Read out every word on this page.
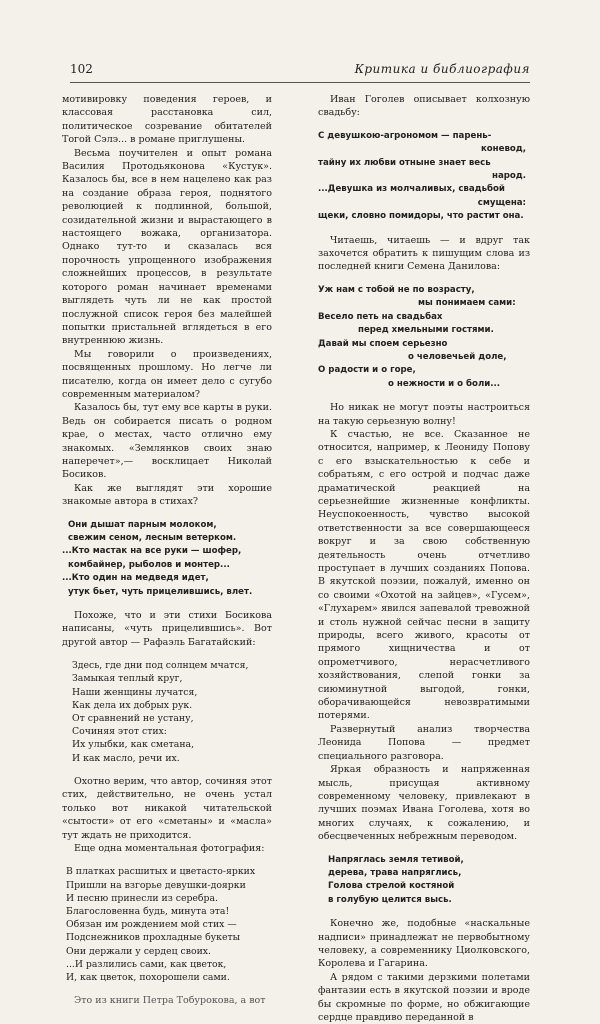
102	Критика и библиография

мотивировку поведения героев, и классовая расстановка сил, политическое созревание обитателей Тогой Сэлэ... в романе приглушены.

Весьма поучителен и опыт романа Василия Протодьяконова «Кустук». Казалось бы, все в нем нацелено как раз на создание образа героя, поднятого революцией к подлинной, большой, созидательной жизни и вырастающего в настоящего вожака, организатора. Однако тут-то и сказалась вся порочность упрощенного изображения сложнейших процессов, в результате которого роман начинает временами выглядеть чуть ли не как простой послужной список героя без малейшей попытки пристальней вглядеться в его внутреннюю жизнь.

Мы говорили о произведениях, посвященных прошлому. Но легче ли писателю, когда он имеет дело с сугубо современным материалом?

Казалось бы, тут ему все карты в руки. Ведь он собирается писать о родном крае, о местах, часто отлично ему знакомых. «Землянков своих знаю наперечет»,— восклицает Николай Босиков.

Как же выглядят эти хорошие знакомые автора в стихах?

Они дышат парным молоком,
свежим сеном, лесным ветерком.
...Кто мастак на все руки — шофер,
комбайнер, рыболов и монтер...
...Кто один на медведя идет,
утук бьет, чуть прицелившись, влет.

Похоже, что и эти стихи Босикова написаны, «чуть прицелившись». Вот другой автор — Рафаэль Багатайский:

Здесь, где дни под солнцем мчатся,
Замыкая теплый круг,
Наши женщины лучатся,
Как дела их добрых рук.
От сравнений не устану,
Сочиняя этот стих:
Их улыбки, как сметана,
И как масло, речи их.

Охотно верим, что автор, сочиняя этот стих, действительно, не очень устал только вот никакой читательской «сытости» от его «сметаны» и «масла» тут ждать не приходится.

Еще одна моментальная фотография:

В платках расшитых и цветасто-ярких
Пришли на взгорье девушки-доярки
И песню принесли из серебра.
Благословенна будь, минута эта!
Обязан им рождением мой стих —
Подснежников прохладные букеты
Они держали у сердец своих.
...И разлились сами, как цветок,
И, как цветок, похорошели сами.

Это из книги Петра Тобурокова, а вот

Иван Гоголев описывает колхозную свадьбу:

С девушкою-агрономом — парень-
коневод,
тайну их любви отныне знает весь
народ.
...Девушка из молчаливых, свадьбой
смущена:
щеки, словно помидоры, что растит она.

Читаешь, читаешь — и вдруг так захочется обратить к пишущим слова из последней книги Семена Данилова:

Уж нам с тобой не по возрасту,
мы понимаем сами:
Весело петь на свадьбах
перед хмельными гостями.
Давай мы споем серьезно
о человечьей доле,
О радости и о горе,
о нежности и о боли...

Но никак не могут поэты настроиться на такую серьезную волну!

К счастью, не все. Сказанное не относится, например, к Леониду Попову с его взыскательностью к себе и собратьям, с его острой и подчас даже драматической реакцией на серьезнейшие жизненные конфликты. Неуспокоенность, чувство высокой ответственности за все совершающееся вокруг и за свою собственную деятельность очень отчетливо проступает в лучших созданиях Попова. В якутской поэзии, пожалуй, именно он со своими «Охотой на зайцев», «Гусем», «Глухарем» явился запевалой тревожной и столь нужной сейчас песни в защиту природы, всего живого, красоты от прямого хищничества и от опрометчивого, нерасчетливого хозяйствования, слепой гонки за сиюминутной выгодой, гонки, оборачивающейся невозвратимыми потерями.

Развернутый анализ творчества Леонида Попова — предмет специального разговора.

Яркая образность и напряженная мысль, присущая активному современному человеку, привлекают в лучших поэмах Ивана Гоголева, хотя во многих случаях, к сожалению, и обесцвеченных небрежным переводом.

Напряглась земля тетивой,
дерева, трава напряглись,
Голова стрелой костяной
в голубую целится высь.

Конечно же, подобные «наскальные надписи» принадлежат не первобытному человеку, а современнику Циолковского, Королева и Гагарина.

А рядом с такими дерзкими полетами фантазии есть в якутской поэзии и вроде бы скромные по форме, но обжигающие сердце правдиво переданной в
